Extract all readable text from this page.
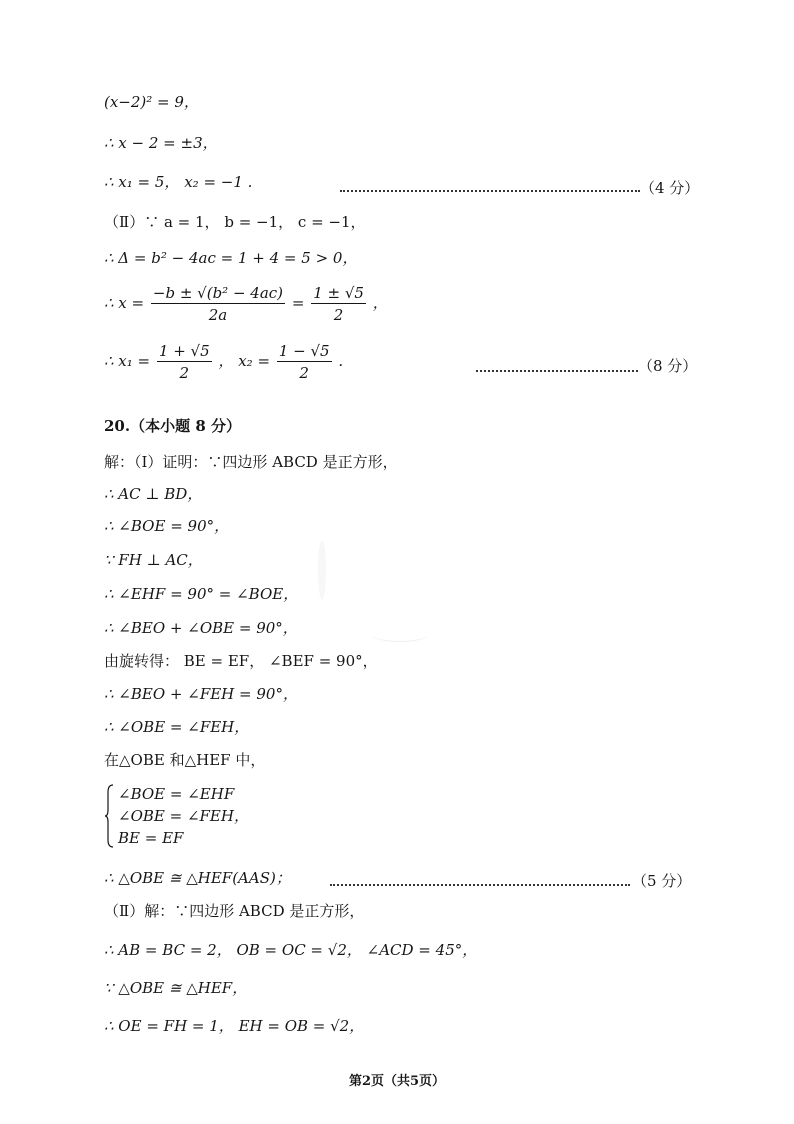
(x−2)² = 9，
∴ x − 2 = ±3，
∴ x₁ = 5， x₂ = −1 .	（4 分）
（Ⅱ）∵ a = 1， b = −1， c = −1，
∴ Δ = b² − 4ac = 1 + 4 = 5 > 0，
∴ $x = \frac{\text{−b ± √(b² − 4ac)}}{2a} = \frac{1 \pm √5}{2}$ ，
∴ $x_1 = \frac{1 + √5}{2}$ ， $x_2 = \frac{1 - √5}{2}$ .	（8 分）
20.（本小题 8 分）
解：（Ⅰ）证明：∵四边形 ABCD 是正方形，
∴ AC ⊥ BD，
∴ ∠BOE = 90°，
∵ FH ⊥ AC，
∴ ∠EHF = 90° = ∠BOE，
∴ ∠BEO + ∠OBE = 90°，
由旋转得： BE = EF， ∠BEF = 90°，
∴ ∠BEO + ∠FEH = 90°，
∴ ∠OBE = ∠FEH，
在△OBE 和△HEF 中，
∠BOE = ∠EHF
∠OBE = ∠FEH，
BE = EF
∴ △OBE ≅ △HEF(AAS)；	（5 分）
（Ⅱ）解：∵四边形 ABCD 是正方形，
∴ AB = BC = 2， OB = OC = √2， ∠ACD = 45°，
∵ △OBE ≅ △HEF，
∴ OE = FH = 1， EH = OB = √2，
第2页（共5页）
